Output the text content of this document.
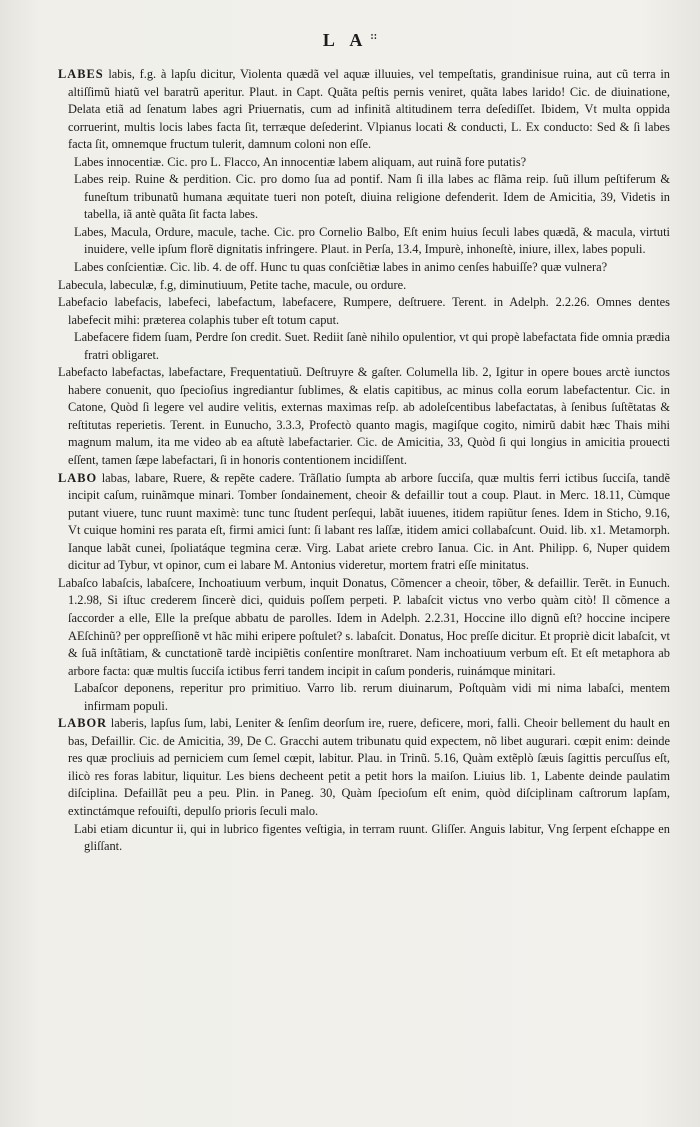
L A ::

LABES labis, f.g. à lapſu dicitur, Violenta quædã vel aquæ illuuies, vel tempeſtatis, grandinisue ruina, aut cũ terra in altiſſimũ hiatũ vel baratrũ aperitur. Plaut. in Capt. Quãta peſtis pernis veniret, quãta labes larido! Cic. de diuinatione, Delata etiã ad ſenatum labes agri Priuernatis, cum ad infinitã altitudinem terra deſediſſet. Ibidem, Vt multa oppida corruerint, multis locis labes facta ſit, terræque deſederint. Vlpianus locati & conducti, L. Ex conducto: Sed & ſi labes facta ſit, omnemque fructum tulerit, damnum coloni non eſſe.

Labes innocentiæ. Cic. pro L. Flacco, An innocentiæ labem aliquam, aut ruinã fore putatis?

Labes reip. Ruine & perdition. Cic. pro domo ſua ad pontif. Nam ſi illa labes ac flãma reip. ſuũ illum peſtiferum & funeſtum tribunatũ humana æquitate tueri non poteſt, diuina religione defenderit. Idem de Amicitia, 39, Videtis in tabella, iã antè quãta ſit facta labes.

Labes, Macula, Ordure, macule, tache. Cic. pro Cornelio Balbo, Eſt enim huius ſeculi labes quædã, & macula, virtuti inuidere, velle ipſum florẽ dignitatis infringere. Plaut. in Perſa, 13.4, Impurè, inhoneſtè, iniure, illex, labes populi.

Labes conſcientiæ. Cic. lib. 4. de off. Hunc tu quas conſciẽtiæ labes in animo cenſes habuiſſe? quæ vulnera?

Labecula, labeculæ, f.g, diminutiuum, Petite tache, macule, ou ordure.

Labefacio labefacis, labefeci, labefactum, labefacere, Rumpere, deſtruere. Terent. in Adelph. 2.2.26. Omnes dentes labefecit mihi: præterea colaphis tuber eſt totum caput.

Labefacere fidem ſuam, Perdre ſon credit. Suet. Rediit ſanè nihilo opulentior, vt qui propè labefactata fide omnia prædia fratri obligaret.

Labefacto labefactas, labefactare, Frequentatiuũ. Deſtruyre & gaſter. Columella lib. 2, Igitur in opere boues arctè iunctos habere conuenit, quo ſpecioſius ingrediantur ſublimes, & elatis capitibus, ac minus colla eorum labefactentur. Cic. in Catone, Quòd ſi legere vel audire velitis, externas maximas reſp. ab adoleſcentibus labefactatas, à ſenibus ſuſtẽtatas & reſtitutas reperietis. Terent. in Eunucho, 3.3.3, Profectò quanto magis, magiſque cogito, nimirũ dabit hæc Thais mihi magnum malum, ita me video ab ea aſtutè labefactarier. Cic. de Amicitia, 33, Quòd ſi qui longius in amicitia prouecti eſſent, tamen ſæpe labefactari, ſi in honoris contentionem incidiſſent.

LABO labas, labare, Ruere, & repẽte cadere. Trãſlatio ſumpta ab arbore ſucciſa, quæ multis ferri ictibus ſucciſa, tandẽ incipit caſum, ruinãmque minari. Tomber ſondainement, cheoir & defaillir tout a coup. Plaut. in Merc. 18.11, Cùmque putant viuere, tunc ruunt maximè: tunc tunc ſtudent perſequi, labãt iuuenes, itidem rapiũtur ſenes. Idem in Sticho, 9.16, Vt cuique homini res parata eſt, firmi amici ſunt: ſi labant res laſſæ, itidem amici collabaſcunt. Ouid. lib. x1. Metamorph. Ianque labãt cunei, ſpoliatáque tegmina ceræ. Virg. Labat ariete crebro Ianua. Cic. in Ant. Philipp. 6, Nuper quidem dicitur ad Tybur, vt opinor, cum ei labare M. Antonius videretur, mortem fratri eſſe minitatus.

Labaſco labaſcis, labaſcere, Inchoatiuum verbum, inquit Donatus, Cõmencer a cheoir, tõber, & defaillir. Terẽt. in Eunuch. 1.2.98, Si iſtuc crederem ſincerè dici, quiduis poſſem perpeti. P. labaſcit victus vno verbo quàm citò! Il cõmence a ſaccorder a elle, Elle la preſque abbatu de parolles. Idem in Adelph. 2.2.31, Hoccine illo dignũ eſt? hoccine incipere AEſchinũ? per oppreſſionẽ vt hãc mihi eripere poſtulet? s. labaſcit. Donatus, Hoc preſſe dicitur. Et propriè dicit labaſcit, vt & ſuã inſtãtiam, & cunctationẽ tardè incipiẽtis conſentire monſtraret. Nam inchoatiuum verbum eſt. Et eſt metaphora ab arbore facta: quæ multis ſucciſa ictibus ferri tandem incipit in caſum ponderis, ruinámque minitari.

Labaſcor deponens, reperitur pro primitiuo. Varro lib. rerum diuinarum, Poſtquàm vidi mi nima labaſci, mentem infirmam populi.

LABOR laberis, lapſus ſum, labi, Leniter & ſenſim deorſum ire, ruere, deficere, mori, falli. Cheoir bellement du hault en bas, Defaillir. Cic. de Amicitia, 39, De C. Gracchi autem tribunatu quid expectem, nõ libet augurari. cœpit enim: deinde res quæ procliuis ad perniciem cum ſemel cœpit, labitur. Plau. in Trinũ. 5.16, Quàm extẽplò ſæuis ſagittis percuſſus eſt, ilicò res foras labitur, liquitur. Les biens decheent petit a petit hors la maiſon. Liuius lib. 1, Labente deinde paulatim diſciplina. Defaillãt peu a peu. Plin. in Paneg. 30, Quàm ſpecioſum eſt enim, quòd diſciplinam caſtrorum lapſam, extinctámque refouiſti, depulſo prioris ſeculi malo.

Labi etiam dicuntur ii, qui in lubrico figentes veſtigia, in terram ruunt. Gliſſer. Anguis labitur, Vng ſerpent eſchappe en gliſſant.
